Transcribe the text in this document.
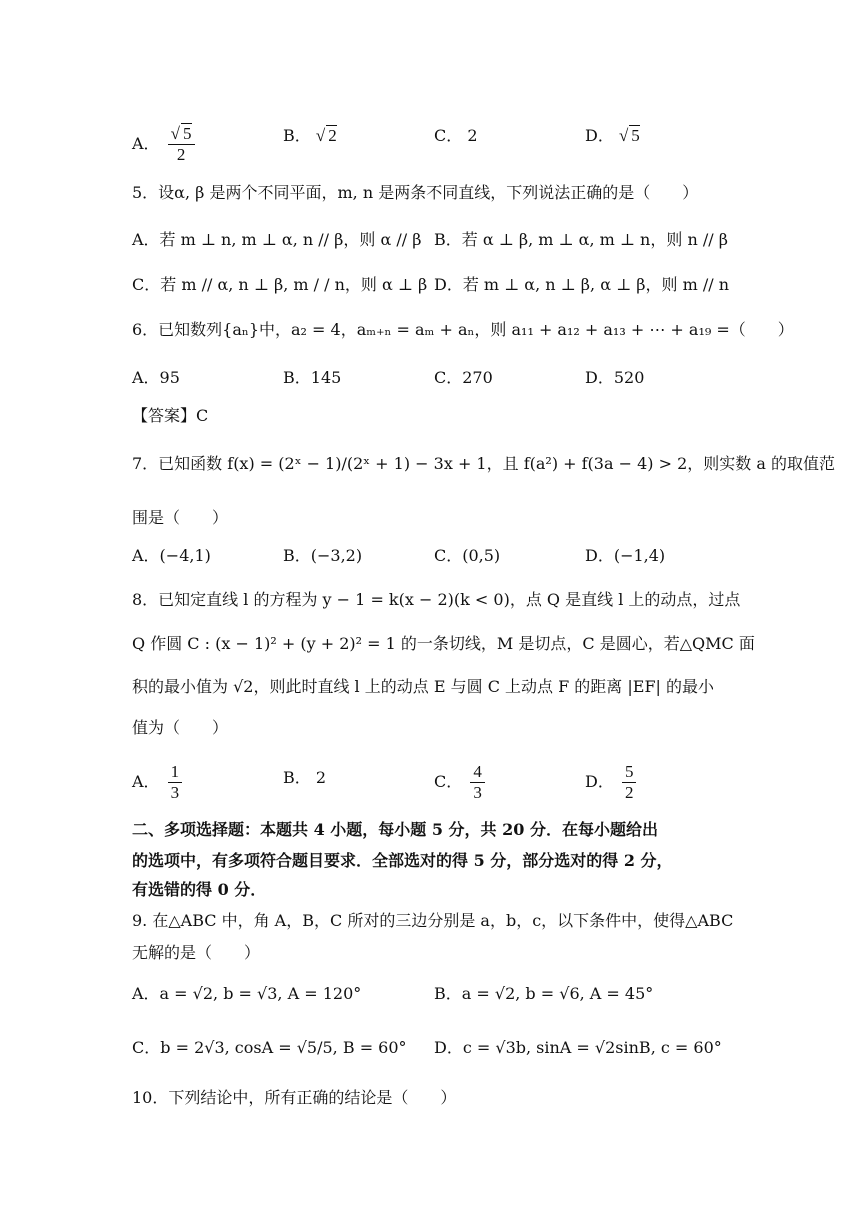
A． $\frac{√ 5}{2}$	B． √ 2	C． 2	D． √ 5
5．设α, β 是两个不同平面，m, n 是两条不同直线，下列说法正确的是（　　）
A．若 m ⊥ n, m ⊥ α, n // β，则 α // β B．若 α ⊥ β, m ⊥ α, m ⊥ n，则 n // β
C．若 m // α, n ⊥ β, m / / n，则 α ⊥ β D．若 m ⊥ α, n ⊥ β, α ⊥ β，则 m // n
6．已知数列{aₙ}中，a₂ = 4，aₘ₊ₙ = aₘ + aₙ，则 a₁₁ + a₁₂ + a₁₃ + ⋯ + a₁₉ =（　　）
A．95	B．145	C．270	D．520
【答案】C
7．已知函数 f(x) = (2ˣ − 1)/(2ˣ + 1) − 3x + 1，且 f(a²) + f(3a − 4) > 2，则实数 a 的取值范
围是（　　）
A．(−4,1)	B．(−3,2)	C．(0,5)	D．(−1,4)
8．已知定直线 l 的方程为 y − 1 = k(x − 2)(k < 0)，点 Q 是直线 l 上的动点，过点
Q 作圆 C : (x − 1)² + (y + 2)² = 1 的一条切线，M 是切点，C 是圆心，若△QMC 面
积的最小值为 √2，则此时直线 l 上的动点 E 与圆 C 上动点 F 的距离 |EF| 的最小
值为（　　）
A． $\frac{1}{3}$	B． 2	C． $\frac{4}{3}$	D． $\frac{5}{2}$
二、多项选择题：本题共 4 小题，每小题 5 分，共 20 分．在每小题给出
的选项中，有多项符合题目要求．全部选对的得 5 分，部分选对的得 2 分，
有选错的得 0 分．
9. 在△ABC 中，角 A，B，C 所对的三边分别是 a，b，c，以下条件中，使得△ABC
无解的是（　　）
A．a = √2, b = √3, A = 120°	B．a = √2, b = √6, A = 45°
C．b = 2√3, cosA = √5/5, B = 60° D．c = √3b, sinA = √2sinB, c = 60°
10．下列结论中，所有正确的结论是（　　）
